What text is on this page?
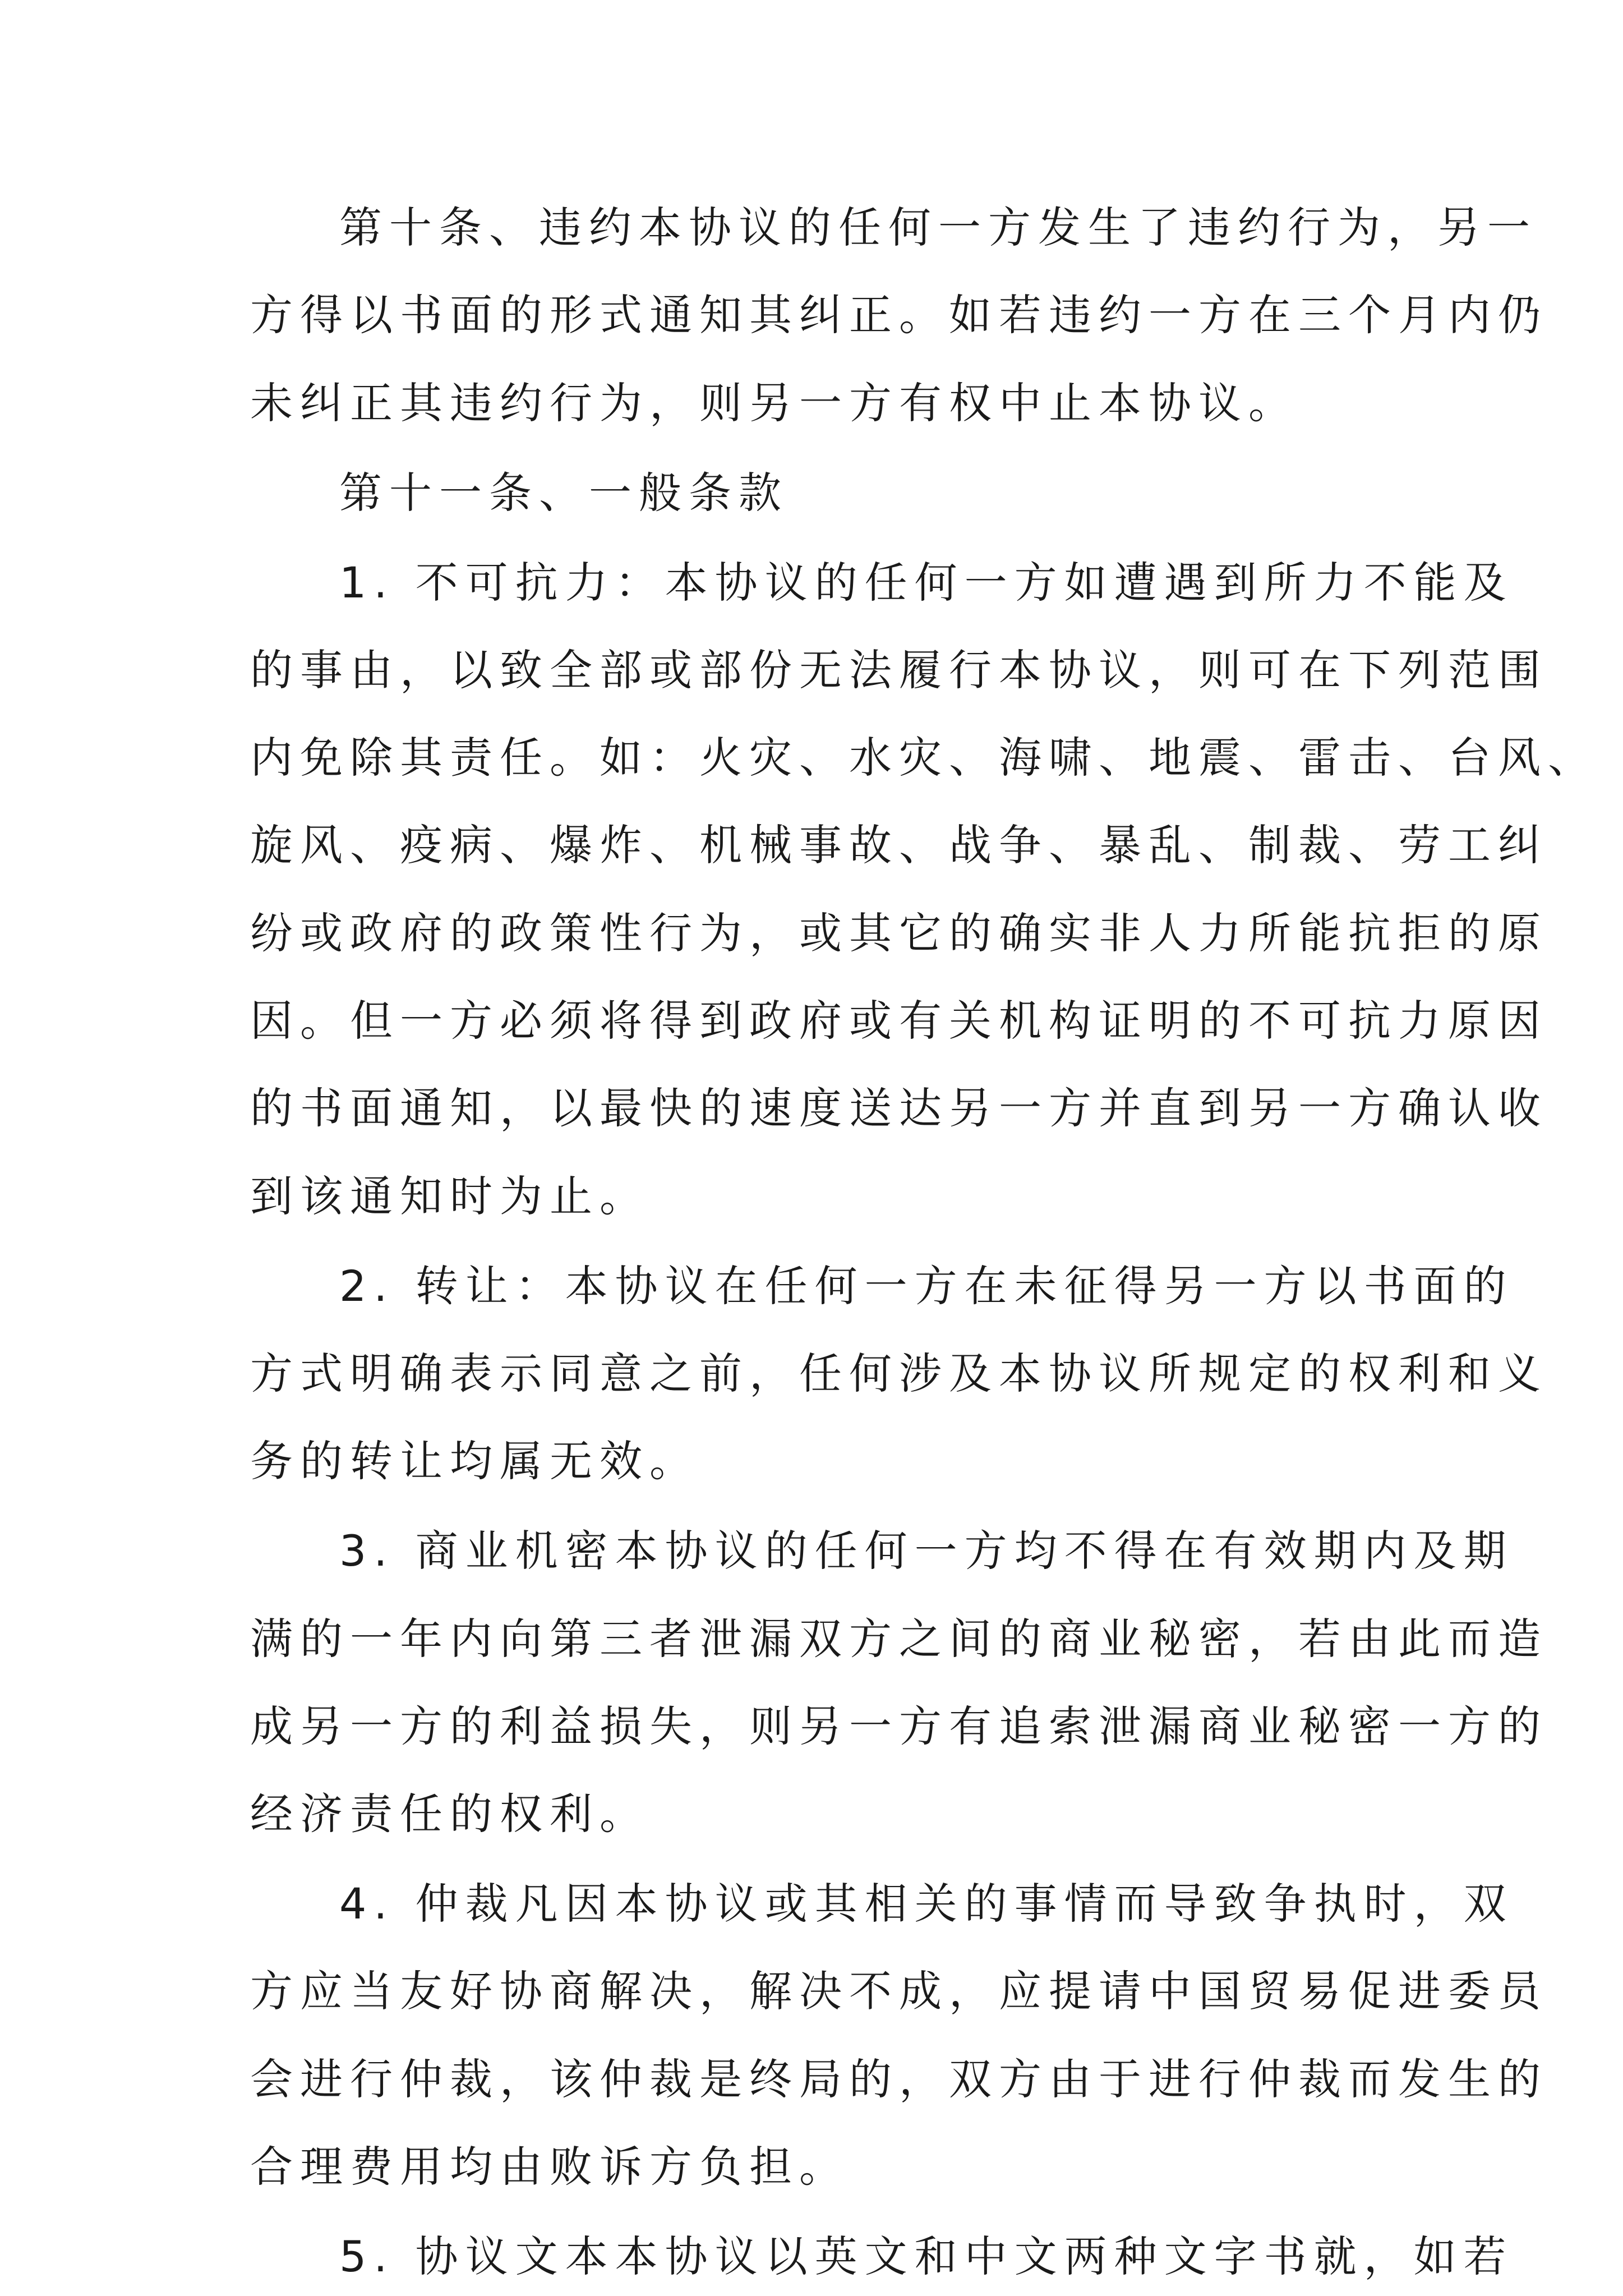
第十条、违约本协议的任何一方发生了违约行为，另一

方得以书面的形式通知其纠正。如若违约一方在三个月内仍

未纠正其违约行为，则另一方有权中止本协议。

第十一条、一般条款

1. 不可抗力：本协议的任何一方如遭遇到所力不能及

的事由，以致全部或部份无法履行本协议，则可在下列范围

内免除其责任。如：火灾、水灾、海啸、地震、雷击、台风、

旋风、疫病、爆炸、机械事故、战争、暴乱、制裁、劳工纠

纷或政府的政策性行为，或其它的确实非人力所能抗拒的原

因。但一方必须将得到政府或有关机构证明的不可抗力原因

的书面通知，以最快的速度送达另一方并直到另一方确认收

到该通知时为止。

2. 转让：本协议在任何一方在未征得另一方以书面的

方式明确表示同意之前，任何涉及本协议所规定的权利和义

务的转让均属无效。

3. 商业机密本协议的任何一方均不得在有效期内及期

满的一年内向第三者泄漏双方之间的商业秘密，若由此而造

成另一方的利益损失，则另一方有追索泄漏商业秘密一方的

经济责任的权利。

4. 仲裁凡因本协议或其相关的事情而导致争执时，双

方应当友好协商解决，解决不成，应提请中国贸易促进委员

会进行仲裁，该仲裁是终局的，双方由于进行仲裁而发生的

合理费用均由败诉方负担。

5. 协议文本本协议以英文和中文两种文字书就，如若
